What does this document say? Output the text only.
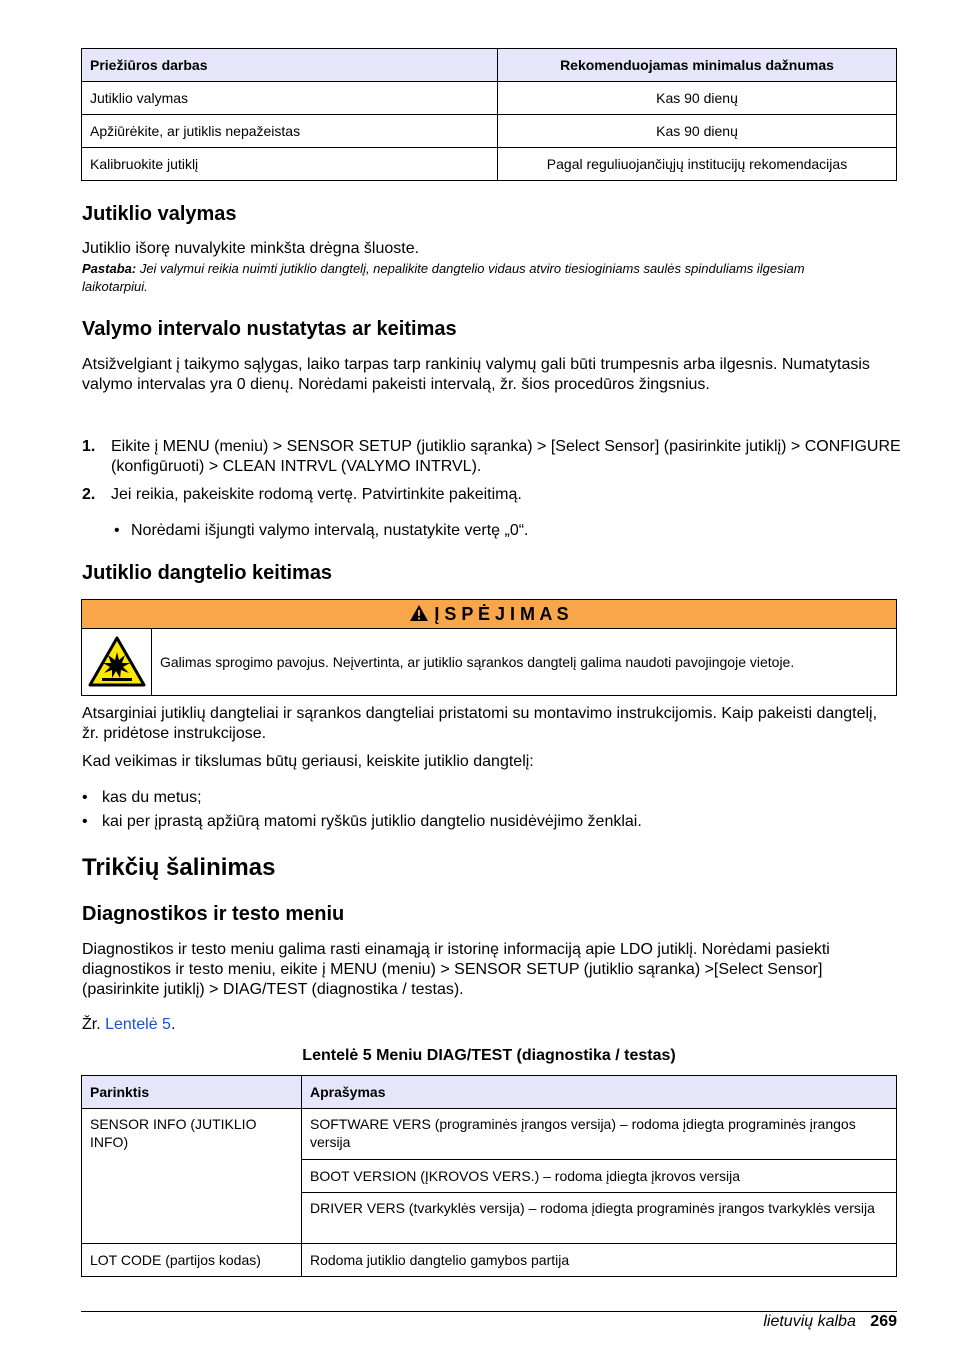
Priežiūros darbas	Rekomenduojamas minimalus dažnumas
Jutiklio valymas	Kas 90 dienų
Apžiūrėkite, ar jutiklis nepažeistas	Kas 90 dienų
Kalibruokite jutiklį	Pagal reguliuojančiųjų institucijų rekomendacijas
Jutiklio valymas

Jutiklio išorę nuvalykite minkšta drėgna šluoste.

Pastaba: Jei valymui reikia nuimti jutiklio dangtelį, nepalikite dangtelio vidaus atviro tiesioginiams saulės spinduliams ilgesiam laikotarpiui.

Valymo intervalo nustatytas ar keitimas

Atsižvelgiant į taikymo sąlygas, laiko tarpas tarp rankinių valymų gali būti trumpesnis arba ilgesnis. Numatytasis valymo intervalas yra 0 dienų. Norėdami pakeisti intervalą, žr. šios procedūros žingsnius.

1. Eikite į MENU (meniu) > SENSOR SETUP (jutiklio sąranka) > [Select Sensor] (pasirinkite jutiklį) > CONFIGURE (konfigūruoti) > CLEAN INTRVL (VALYMO INTRVL).

2. Jei reikia, pakeiskite rodomą vertę. Patvirtinkite pakeitimą.

• Norėdami išjungti valymo intervalą, nustatykite vertę „0“.

Jutiklio dangtelio keitimas
Į S P Ė J I M A S
Galimas sprogimo pavojus. Neįvertinta, ar jutiklio sąrankos dangtelį galima naudoti pavojingoje vietoje.

Atsarginiai jutiklių dangteliai ir sąrankos dangteliai pristatomi su montavimo instrukcijomis. Kaip pakeisti dangtelį, žr. pridėtose instrukcijose.

Kad veikimas ir tikslumas būtų geriausi, keiskite jutiklio dangtelį:

• kas du metus;

• kai per įprastą apžiūrą matomi ryškūs jutiklio dangtelio nusidėvėjimo ženklai.

Trikčių šalinimas
Diagnostikos ir testo meniu

Diagnostikos ir testo meniu galima rasti einamąją ir istorinę informaciją apie LDO jutiklį. Norėdami pasiekti diagnostikos ir testo meniu, eikite į MENU (meniu) > SENSOR SETUP (jutiklio sąranka) >[Select Sensor] (pasirinkite jutiklį) > DIAG/TEST (diagnostika / testas).

Žr. Lentelė 5.

Lentelė 5 Meniu DIAG/TEST (diagnostika / testas)
Parinktis	Aprašymas
SENSOR INFO (JUTIKLIO INFO)	SOFTWARE VERS (programinės įrangos versija) – rodoma įdiegta programinės įrangos versija
	BOOT VERSION (ĮKROVOS VERS.) – rodoma įdiegta įkrovos versija
	DRIVER VERS (tvarkyklės versija) – rodoma įdiegta programinės įrangos tvarkyklės versija
LOT CODE (partijos kodas)	Rodoma jutiklio dangtelio gamybos partija
lietuvių kalba 269
